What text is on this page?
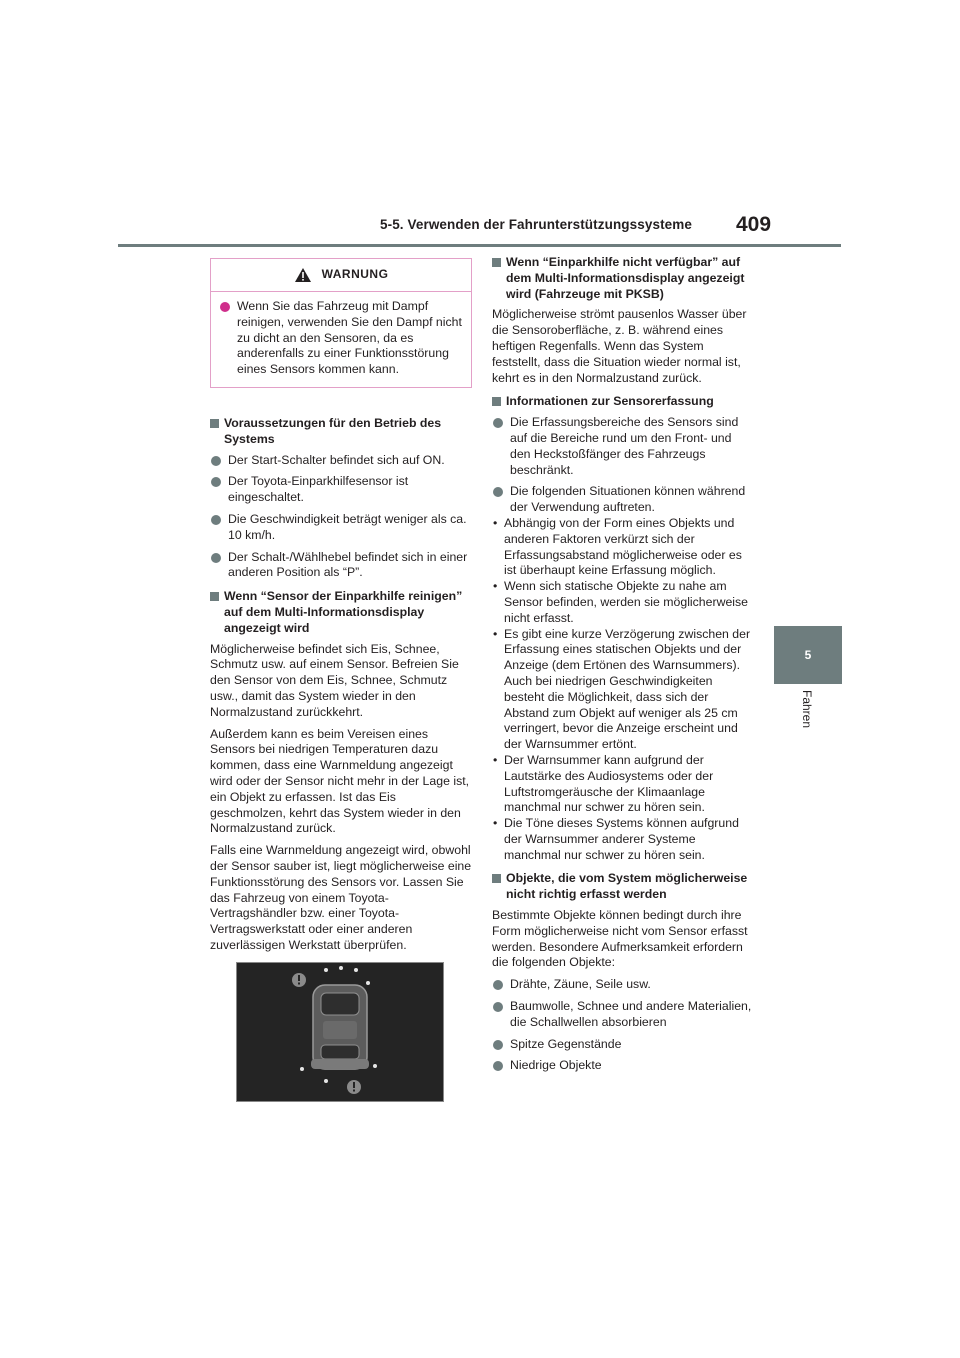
5-5. Verwenden der Fahrunterstützungssysteme 409
5
Fahren
WARNUNG
Wenn Sie das Fahrzeug mit Dampf reinigen, verwenden Sie den Dampf nicht zu dicht an den Sensoren, da es anderenfalls zu einer Funktionsstörung eines Sensors kommen kann.
Voraussetzungen für den Betrieb des Systems
Der Start-Schalter befindet sich auf ON.
Der Toyota-Einparkhilfesensor ist eingeschaltet.
Die Geschwindigkeit beträgt weniger als ca. 10 km/h.
Der Schalt-/Wählhebel befindet sich in einer anderen Position als “P”.
Wenn “Sensor der Einparkhilfe reinigen” auf dem Multi-Informationsdisplay angezeigt wird

Möglicherweise befindet sich Eis, Schnee, Schmutz usw. auf einem Sensor. Befreien Sie den Sensor von dem Eis, Schnee, Schmutz usw., damit das System wieder in den Normalzustand zurückkehrt.

Außerdem kann es beim Vereisen eines Sensors bei niedrigen Temperaturen dazu kommen, dass eine Warnmeldung angezeigt wird oder der Sensor nicht mehr in der Lage ist, ein Objekt zu erfassen. Ist das Eis geschmolzen, kehrt das System wieder in den Normalzustand zurück.

Falls eine Warnmeldung angezeigt wird, obwohl der Sensor sauber ist, liegt möglicherweise eine Funktionsstörung des Sensors vor. Lassen Sie das Fahrzeug von einem Toyota-Vertragshändler bzw. einer Toyota-Vertragswerkstatt oder einer anderen zuverlässigen Werkstatt überprüfen.

Wenn “Einparkhilfe nicht verfügbar” auf dem Multi-Informationsdisplay angezeigt wird (Fahrzeuge mit PKSB)

Möglicherweise strömt pausenlos Wasser über die Sensoroberfläche, z. B. während eines heftigen Regenfalls. Wenn das System feststellt, dass die Situation wieder normal ist, kehrt es in den Normalzustand zurück.

Informationen zur Sensorerfassung
Die Erfassungsbereiche des Sensors sind auf die Bereiche rund um den Front- und den Heckstoßfänger des Fahrzeugs beschränkt.
Die folgenden Situationen können während der Verwendung auftreten.
• Abhängig von der Form eines Objekts und anderen Faktoren verkürzt sich der Erfassungsabstand möglicherweise oder es ist überhaupt keine Erfassung möglich.
• Wenn sich statische Objekte zu nahe am Sensor befinden, werden sie möglicherweise nicht erfasst.
• Es gibt eine kurze Verzögerung zwischen der Erfassung eines statischen Objekts und der Anzeige (dem Ertönen des Warnsummers). Auch bei niedrigen Geschwindigkeiten besteht die Möglichkeit, dass sich der Abstand zum Objekt auf weniger als 25 cm verringert, bevor die Anzeige erscheint und der Warnsummer ertönt.
• Der Warnsummer kann aufgrund der Lautstärke des Audiosystems oder der Luftstromgeräusche der Klimaanlage manchmal nur schwer zu hören sein.
• Die Töne dieses Systems können aufgrund der Warnsummer anderer Systeme manchmal nur schwer zu hören sein.
Objekte, die vom System möglicherweise nicht richtig erfasst werden

Bestimmte Objekte können bedingt durch ihre Form möglicherweise nicht vom Sensor erfasst werden. Besondere Aufmerksamkeit erfordern die folgenden Objekte:

Drähte, Zäune, Seile usw.
Baumwolle, Schnee und andere Materialien, die Schallwellen absorbieren
Spitze Gegenstände
Niedrige Objekte
